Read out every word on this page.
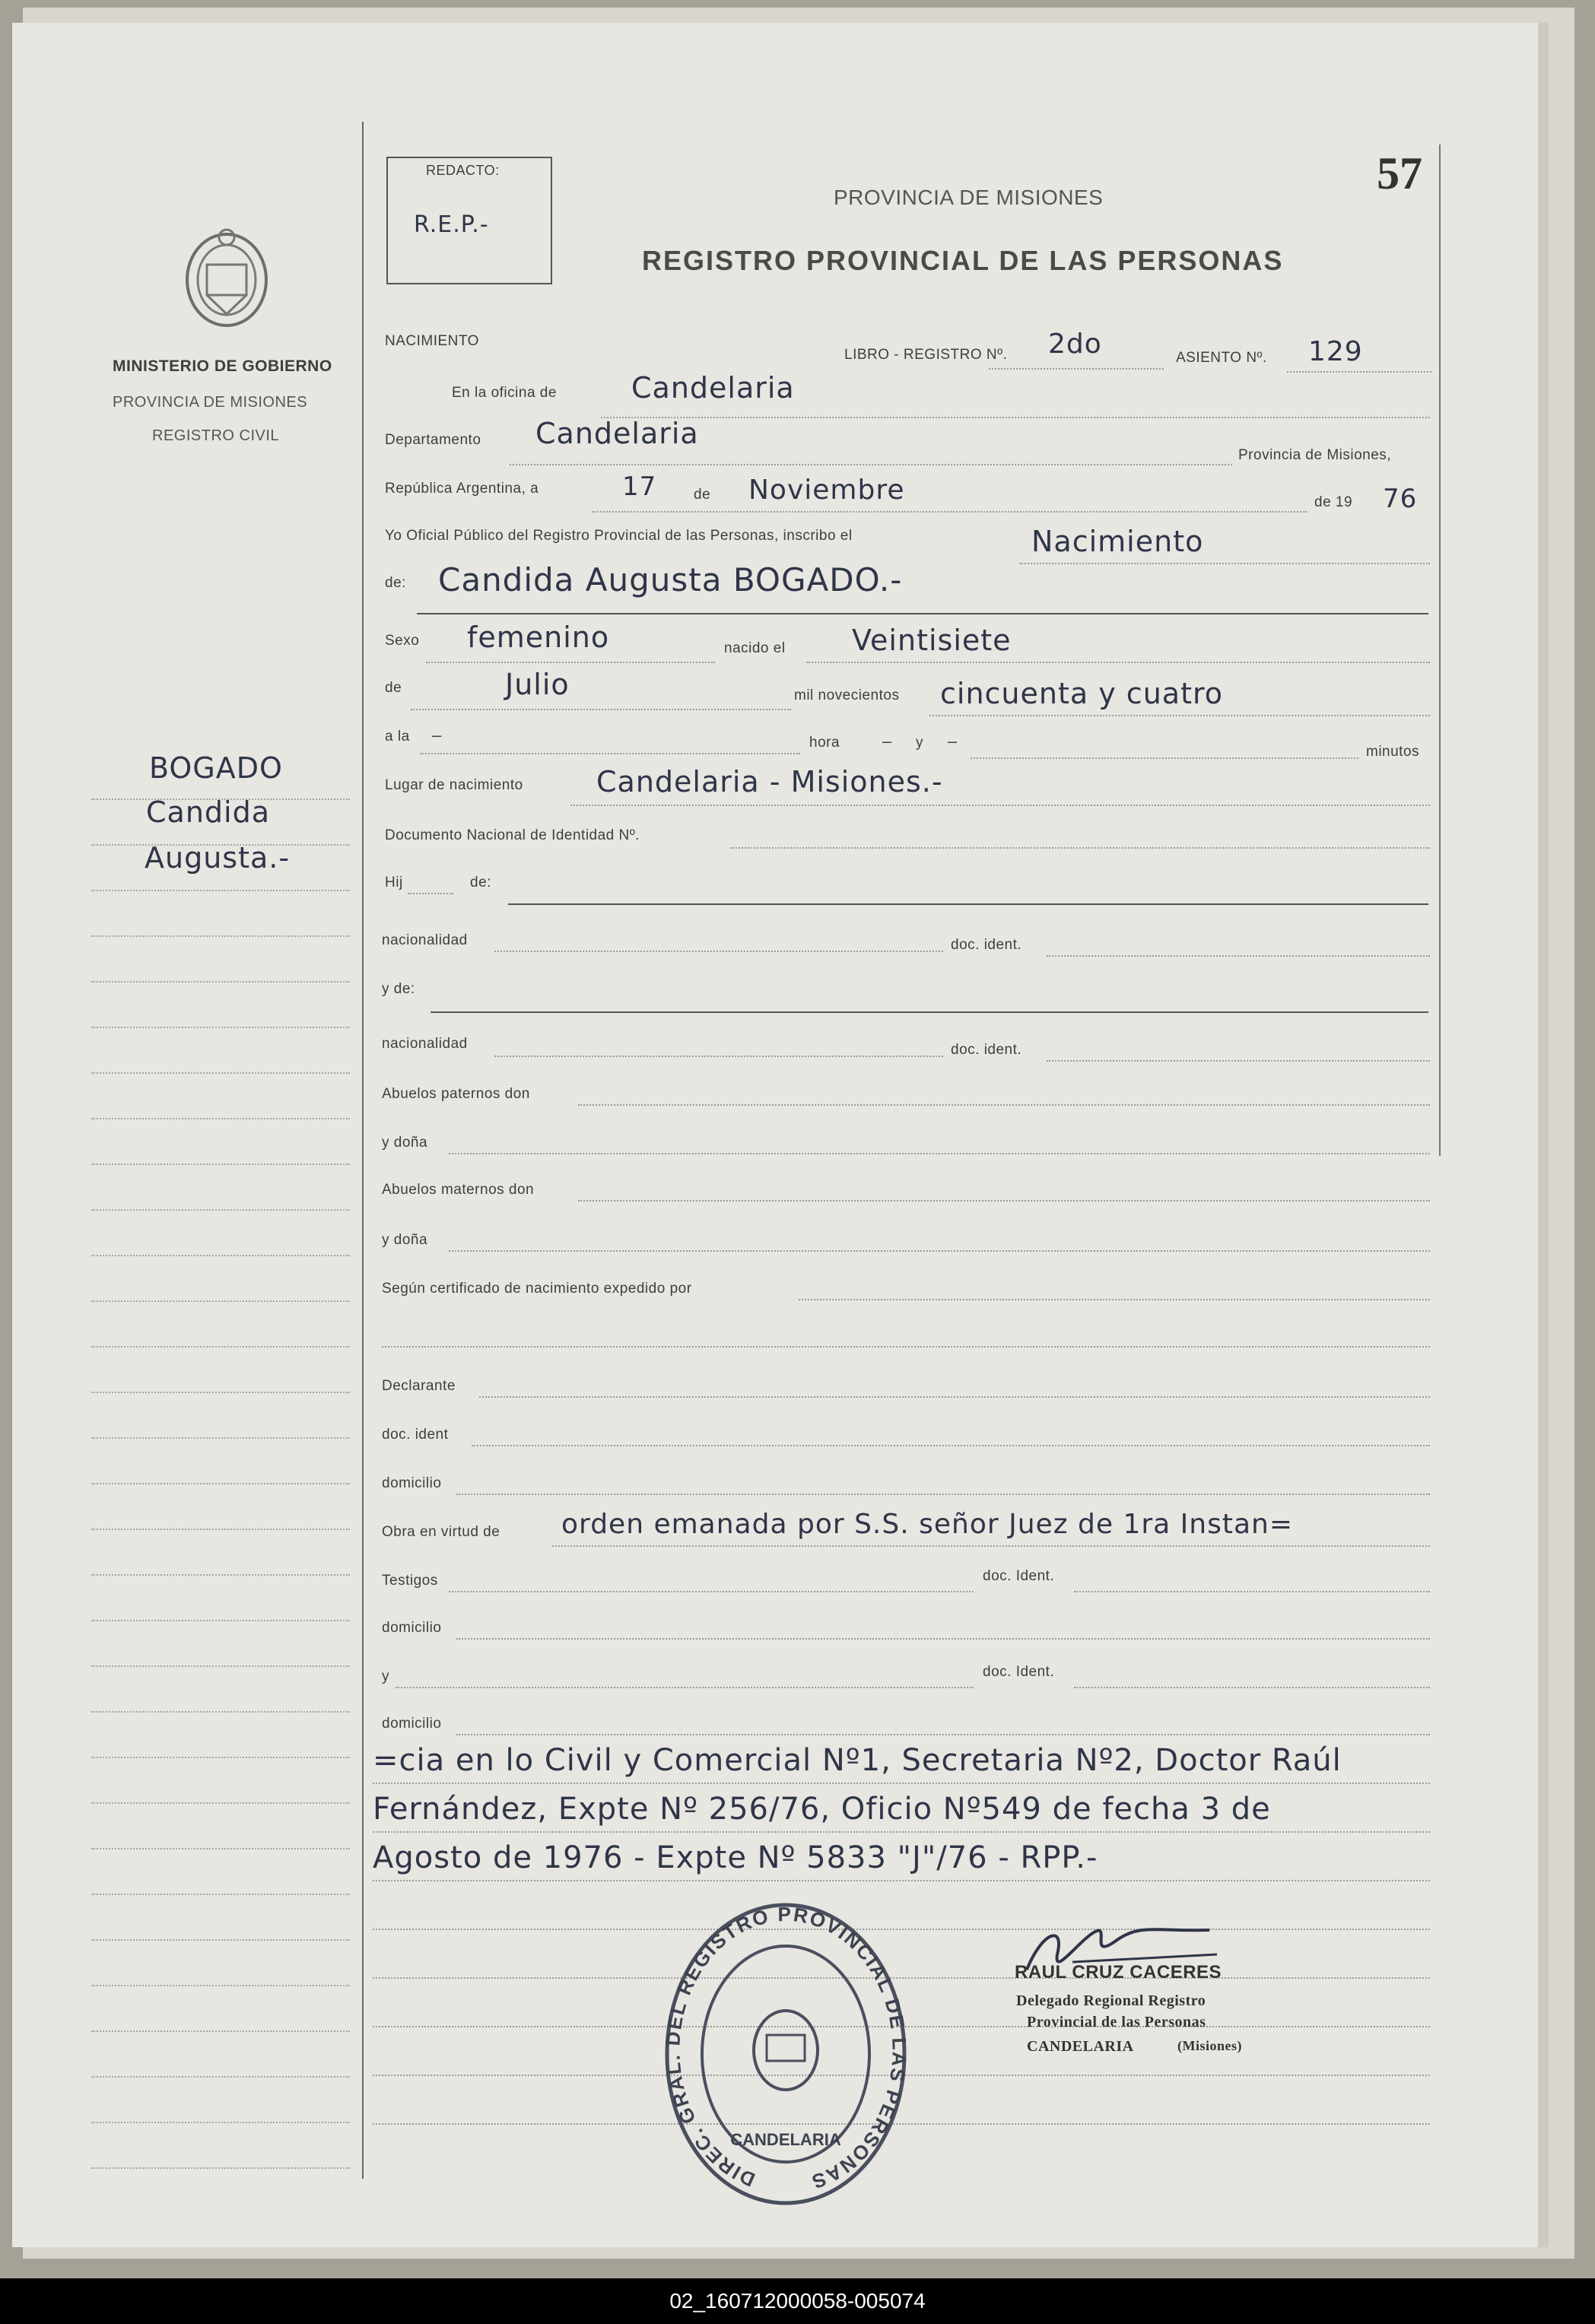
REDACTO:
R.E.P.-
PROVINCIA DE MISIONES
REGISTRO PROVINCIAL DE LAS PERSONAS
57
MINISTERIO DE GOBIERNO
PROVINCIA DE MISIONES
REGISTRO CIVIL
BOGADO
Candida
Augusta.-
NACIMIENTO
LIBRO - REGISTRO Nº. 2do	ASIENTO Nº. 129
En la oficina de	Candelaria
Departamento Candelaria
Provincia de Misiones,
República Argentina, a	17	de Noviembre	de 19 76
Yo Oficial Público del Registro Provincial de las Personas, inscribo el	Nacimiento
de: Candida Augusta BOGADO.-
Sexo femenino	nacido el Veintisiete
de	Julio	mil novecientos cincuenta y cuatro
a la –	hora	– y –
minutos
Lugar de nacimiento	Candelaria - Misiones.-
Documento Nacional de Identidad Nº.
Hij	de:
nacionalidad	doc. ident.
y de:
nacionalidad	doc. ident.
Abuelos paternos don
y doña
Abuelos maternos don
y doña
Según certificado de nacimiento expedido por
Declarante
doc. ident
domicilio
Obra en virtud de orden emanada por S.S. señor Juez de 1ra Instan=
Testigos	doc. Ident.
domicilio
y	doc. Ident.
domicilio
=cia en lo Civil y Comercial Nº1, Secretaria Nº2, Doctor Raúl
Fernández, Expte Nº 256/76, Oficio Nº549 de fecha 3 de
Agosto de 1976 - Expte Nº 5833 "J"/76 - RPP.-
DIREC. GRAL. DEL REGISTRO PROVINCIAL DE LAS PERSONAS
CANDELARIA
RAUL CRUZ CACERES
Delegado Regional Registro
Provincial de las Personas
CANDELARIA	(Misiones)
02_160712000058-005074
